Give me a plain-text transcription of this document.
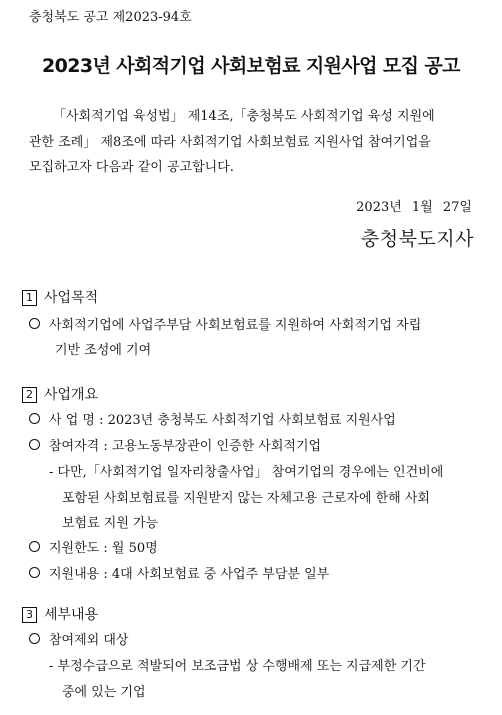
충청북도 공고 제2023-94호
2023년 사회적기업 사회보험료 지원사업 모집 공고
「사회적기업 육성법」 제14조,「충청북도 사회적기업 육성 지원에
관한 조례」 제8조에 따라 사회적기업 사회보험료 지원사업 참여기업을
모집하고자 다음과 같이 공고합니다.
2023년 1월 27일
충청북도지사
1 사업목적
사회적기업에 사업주부담 사회보험료를 지원하여 사회적기업 자립
기반 조성에 기여
2 사업개요
사 업 명 : 2023년 충청북도 사회적기업 사회보험료 지원사업
참여자격 : 고용노동부장관이 인증한 사회적기업
- 다만,「사회적기업 일자리창출사업」 참여기업의 경우에는 인건비에
포함된 사회보험료를 지원받지 않는 자체고용 근로자에 한해 사회
보험료 지원 가능
지원한도 : 월 50명
지원내용 : 4대 사회보험료 중 사업주 부담분 일부
3 세부내용
참여제외 대상
- 부정수급으로 적발되어 보조금법 상 수행배제 또는 지급제한 기간
중에 있는 기업
